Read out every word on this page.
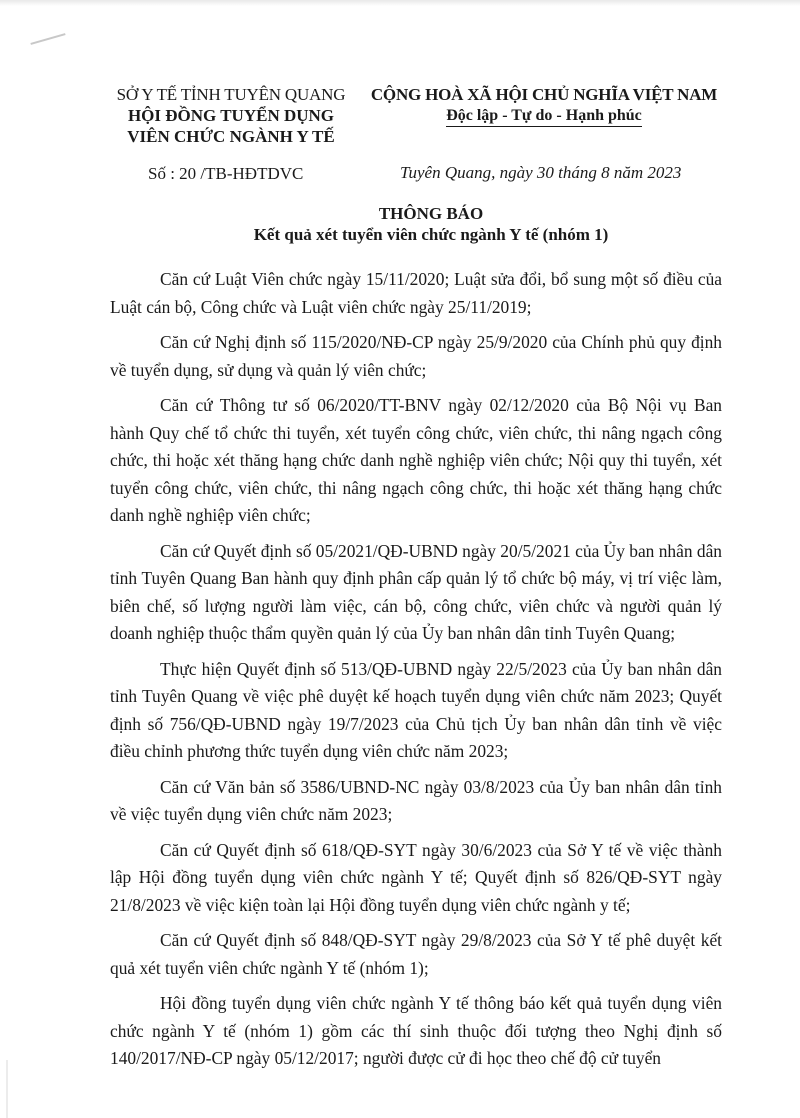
SỞ Y TẾ TỈNH TUYÊN QUANG
HỘI ĐỒNG TUYỂN DỤNG
VIÊN CHỨC NGÀNH Y TẾ
CỘNG HOÀ XÃ HỘI CHỦ NGHĨA VIỆT NAM
Độc lập - Tự do - Hạnh phúc
Số : 20 /TB-HĐTDVC	Tuyên Quang, ngày 30 tháng 8 năm 2023
THÔNG BÁO
Kết quả xét tuyển viên chức ngành Y tế (nhóm 1)

Căn cứ Luật Viên chức ngày 15/11/2020; Luật sửa đổi, bổ sung một số điều của Luật cán bộ, Công chức và Luật viên chức ngày 25/11/2019;

Căn cứ Nghị định số 115/2020/NĐ-CP ngày 25/9/2020 của Chính phủ quy định về tuyển dụng, sử dụng và quản lý viên chức;

Căn cứ Thông tư số 06/2020/TT-BNV ngày 02/12/2020 của Bộ Nội vụ Ban hành Quy chế tổ chức thi tuyển, xét tuyển công chức, viên chức, thi nâng ngạch công chức, thi hoặc xét thăng hạng chức danh nghề nghiệp viên chức; Nội quy thi tuyển, xét tuyển công chức, viên chức, thi nâng ngạch công chức, thi hoặc xét thăng hạng chức danh nghề nghiệp viên chức;

Căn cứ Quyết định số 05/2021/QĐ-UBND ngày 20/5/2021 của Ủy ban nhân dân tỉnh Tuyên Quang Ban hành quy định phân cấp quản lý tổ chức bộ máy, vị trí việc làm, biên chế, số lượng người làm việc, cán bộ, công chức, viên chức và người quản lý doanh nghiệp thuộc thẩm quyền quản lý của Ủy ban nhân dân tỉnh Tuyên Quang;

Thực hiện Quyết định số 513/QĐ-UBND ngày 22/5/2023 của Ủy ban nhân dân tỉnh Tuyên Quang về việc phê duyệt kế hoạch tuyển dụng viên chức năm 2023; Quyết định số 756/QĐ-UBND ngày 19/7/2023 của Chủ tịch Ủy ban nhân dân tỉnh về việc điều chỉnh phương thức tuyển dụng viên chức năm 2023;

Căn cứ Văn bản số 3586/UBND-NC ngày 03/8/2023 của Ủy ban nhân dân tỉnh về việc tuyển dụng viên chức năm 2023;

Căn cứ Quyết định số 618/QĐ-SYT ngày 30/6/2023 của Sở Y tế về việc thành lập Hội đồng tuyển dụng viên chức ngành Y tế; Quyết định số 826/QĐ-SYT ngày 21/8/2023 về việc kiện toàn lại Hội đồng tuyển dụng viên chức ngành y tế;

Căn cứ Quyết định số 848/QĐ-SYT ngày 29/8/2023 của Sở Y tế phê duyệt kết quả xét tuyển viên chức ngành Y tế (nhóm 1);

Hội đồng tuyển dụng viên chức ngành Y tế thông báo kết quả tuyển dụng viên chức ngành Y tế (nhóm 1) gồm các thí sinh thuộc đối tượng theo Nghị định số 140/2017/NĐ-CP ngày 05/12/2017; người được cử đi học theo chế độ cử tuyển
